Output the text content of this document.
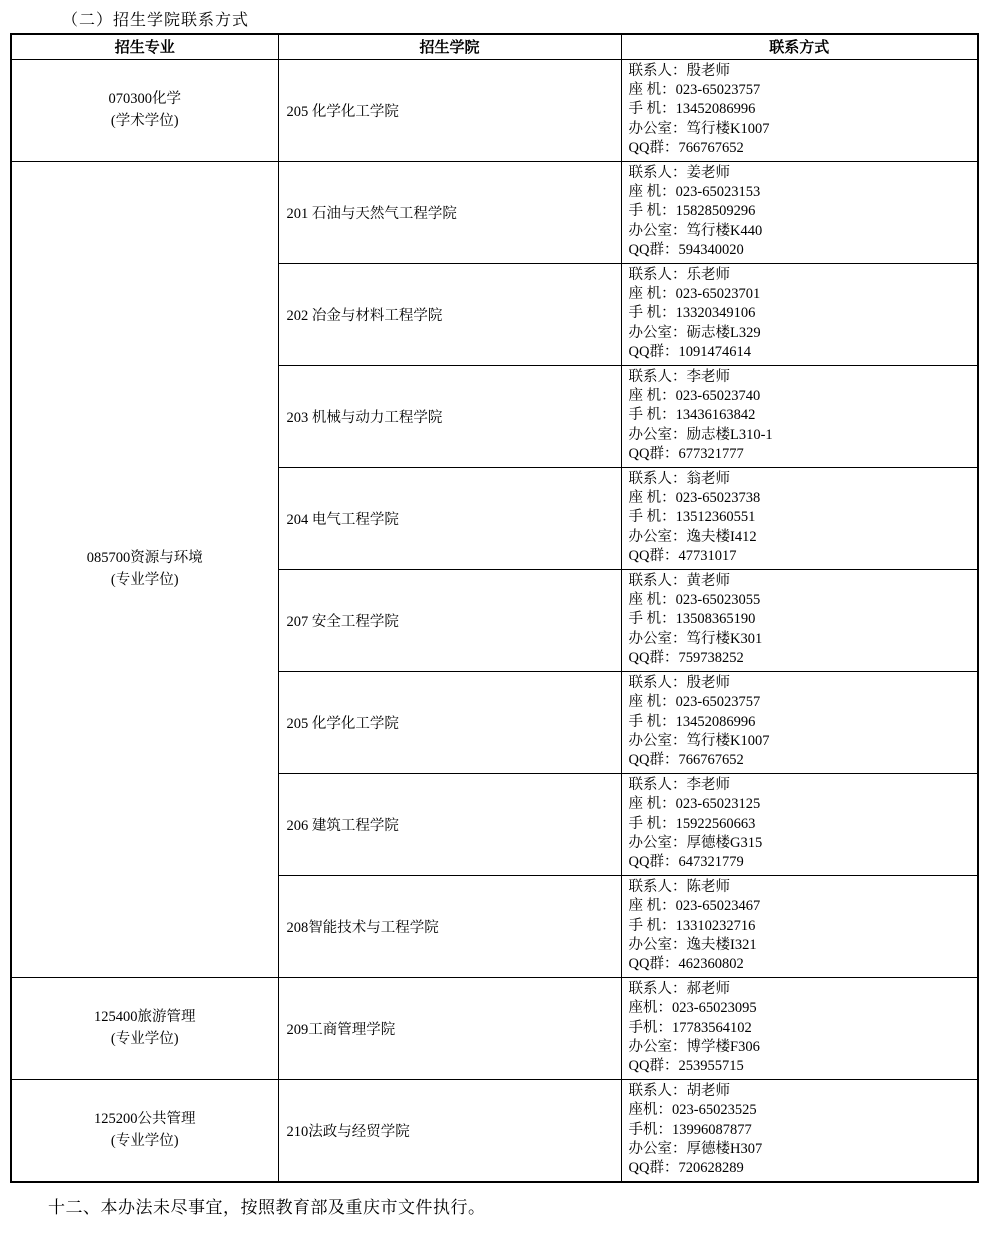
（二）招生学院联系方式
招生专业	招生学院	联系方式

070300化学
(学术学位)
	205 化学化工学院	
联系人：殷老师
座 机：023-65023757
手 机：13452086996
办公室：笃行楼K1007
QQ群：766767652

085700资源与环境
(专业学位)
	201 石油与天然气工程学院	
联系人：姜老师
座 机：023-65023153
手 机：15828509296
办公室：笃行楼K440
QQ群：594340020

	202 冶金与材料工程学院	联系人：乐老师
座 机：023-65023701
手 机：13320349106
办公室：砺志楼L329
QQ群：1091474614

	203 机械与动力工程学院	联系人：李老师
座 机：023-65023740
手 机：13436163842
办公室：励志楼L310-1
QQ群：677321777

	204 电气工程学院	联系人：翁老师
座 机：023-65023738
手 机：13512360551
办公室：逸夫楼I412
QQ群：47731017

	207 安全工程学院	联系人：黄老师
座 机：023-65023055
手 机：13508365190
办公室：笃行楼K301
QQ群：759738252

	205 化学化工学院	联系人：殷老师
座 机：023-65023757
手 机：13452086996
办公室：笃行楼K1007
QQ群：766767652

	206 建筑工程学院	联系人：李老师
座 机：023-65023125
手 机：15922560663
办公室：厚德楼G315
QQ群：647321779

	208智能技术与工程学院	联系人：陈老师
座 机：023-65023467
手 机：13310232716
办公室：逸夫楼I321
QQ群：462360802

125400旅游管理
(专业学位)
	209工商管理学院	
联系人：郝老师
座机：023-65023095
手机：17783564102
办公室：博学楼F306
QQ群：253955715

125200公共管理
(专业学位)
	210法政与经贸学院	
联系人：胡老师
座机：023-65023525
手机：13996087877
办公室：厚德楼H307
QQ群：720628289
十二、本办法未尽事宜，按照教育部及重庆市文件执行。
